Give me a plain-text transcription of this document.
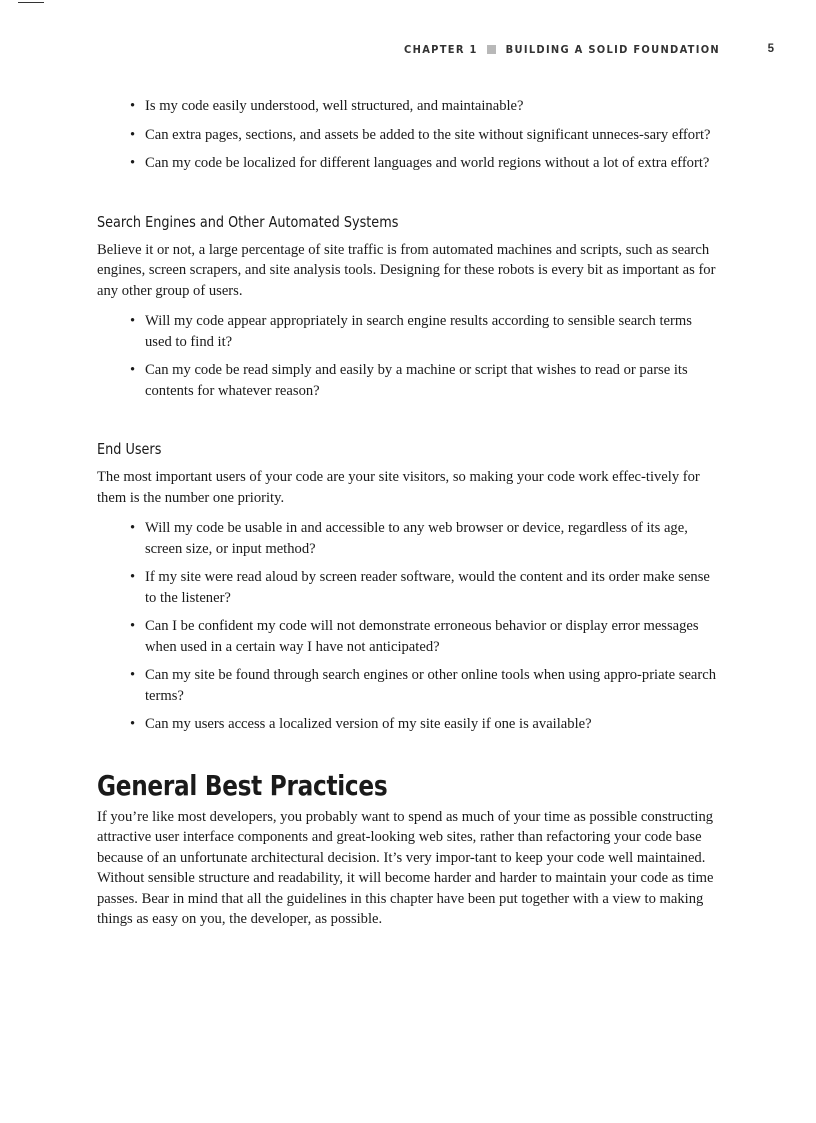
CHAPTER 1	BUILDING A SOLID FOUNDATION	5
• Is my code easily understood, well structured, and maintainable?
• Can extra pages, sections, and assets be added to the site without significant unneces-sary effort?
• Can my code be localized for different languages and world regions without a lot of extra effort?
Search Engines and Other Automated Systems

Believe it or not, a large percentage of site traffic is from automated machines and scripts, such as search engines, screen scrapers, and site analysis tools. Designing for these robots is every bit as important as for any other group of users.

• Will my code appear appropriately in search engine results according to sensible search terms used to find it?
• Can my code be read simply and easily by a machine or script that wishes to read or parse its contents for whatever reason?
End Users

The most important users of your code are your site visitors, so making your code work effec-tively for them is the number one priority.

• Will my code be usable in and accessible to any web browser or device, regardless of its age, screen size, or input method?
• If my site were read aloud by screen reader software, would the content and its order make sense to the listener?
• Can I be confident my code will not demonstrate erroneous behavior or display error messages when used in a certain way I have not anticipated?
• Can my site be found through search engines or other online tools when using appro-priate search terms?
• Can my users access a localized version of my site easily if one is available?
General Best Practices

If you’re like most developers, you probably want to spend as much of your time as possible constructing attractive user interface components and great-looking web sites, rather than refactoring your code base because of an unfortunate architectural decision. It’s very impor-tant to keep your code well maintained. Without sensible structure and readability, it will become harder and harder to maintain your code as time passes. Bear in mind that all the guidelines in this chapter have been put together with a view to making things as easy on you, the developer, as possible.
